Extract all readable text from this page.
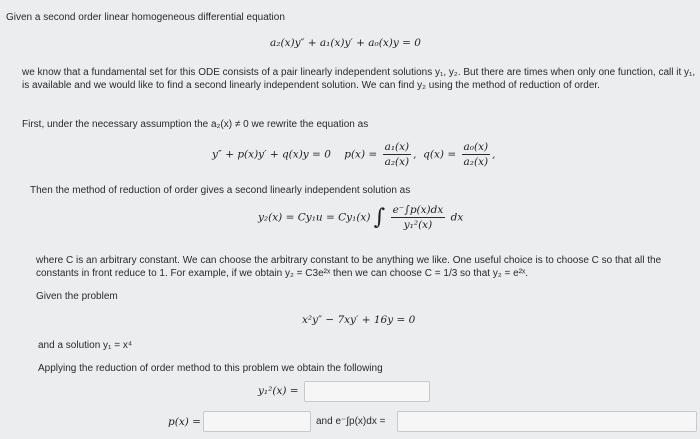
Given a second order linear homogeneous differential equation
a₂(x)y″ + a₁(x)y′ + a₀(x)y = 0
we know that a fundamental set for this ODE consists of a pair linearly independent solutions y₁, y₂. But there are times when only one function, call it y₁, is available and we would like to find a second linearly independent solution. We can find y₂ using the method of reduction of order.
First, under the necessary assumption the a₂(x) ≠ 0 we rewrite the equation as
y″ + p(x)y′ + q(x)y = 0 $p(x) = \frac{\text{a₁(x)}}{\text{a₂(x)}}$ ,  $q(x) = \frac{\text{a₀(x)}}{\text{a₂(x)}}$ ,
Then the method of reduction of order gives a second linearly independent solution as
y₂(x) = Cy₁u = Cy₁(x) ∫ $\frac{e^-\int p(x)dx}{\text{y₁²(x)}}$ dx
where C is an arbitrary constant. We can choose the arbitrary constant to be anything we like. One useful choice is to choose C so that all the constants in front reduce to 1. For example, if we obtain y₂ = C3e²ˣ then we can choose C = 1/3 so that y₂ = e²ˣ.
Given the problem
x²y″ − 7xy′ + 16y = 0
and a solution y₁ = x⁴
Applying the reduction of order method to this problem we obtain the following
y₁²(x) =
p(x) =	and e⁻∫p(x)dx =
